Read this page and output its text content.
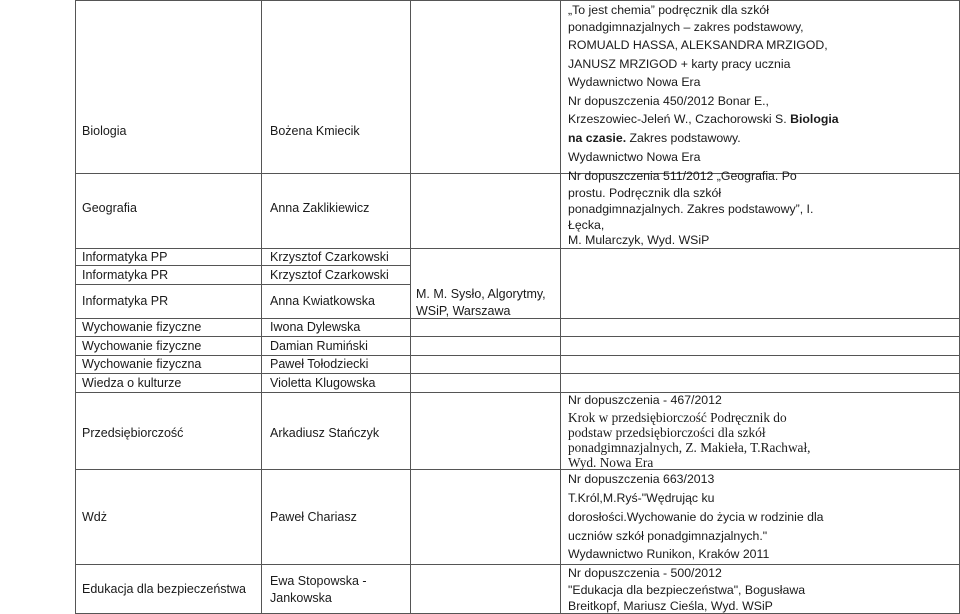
Biologia
Geografia
Informatyka PP
Informatyka PR
Informatyka PR
Wychowanie fizyczne
Wychowanie fizyczne
Wychowanie fizyczna
Wiedza o kulturze
Przedsiębiorczość
Wdż
Edukacja dla bezpieczeństwa
Bożena Kmiecik
Anna Zaklikiewicz
Krzysztof Czarkowski
Krzysztof Czarkowski
Anna Kwiatkowska
Iwona Dylewska
Damian Rumiński
Paweł Tołodziecki
Violetta Klugowska
Arkadiusz Stańczyk
Paweł Chariasz
Ewa Stopowska -
Jankowska
M. M. Sysło, Algorytmy,
WSiP, Warszawa
„To jest chemia” podręcznik dla szkół
ponadgimnazjalnych – zakres podstawowy,
ROMUALD HASSA, ALEKSANDRA MRZIGOD,
JANUSZ MRZIGOD + karty pracy ucznia
Wydawnictwo Nowa Era
Nr dopuszczenia 450/2012 Bonar E.,
Krzeszowiec-Jeleń W., Czachorowski S. Biologia
na czasie. Zakres podstawowy.
Wydawnictwo Nowa Era
Nr dopuszczenia 511/2012 „Geografia. Po
prostu. Podręcznik dla szkół
ponadgimnazjalnych. Zakres podstawowy”, I.
Łęcka,
M. Mularczyk, Wyd. WSiP
Nr dopuszczenia - 467/2012
Krok w przedsiębiorczość Podręcznik do
podstaw przedsiębiorczości dla szkół
ponadgimnazjalnych, Z. Makieła, T.Rachwał,
Wyd. Nowa Era
Nr dopuszczenia 663/2013
T.Król,M.Ryś-"Wędrując ku
dorosłości.Wychowanie do życia w rodzinie dla
uczniów szkół ponadgimnazjalnych."
Wydawnictwo Runikon, Kraków 2011
Nr dopuszczenia - 500/2012
"Edukacja dla bezpieczeństwa", Bogusława
Breitkopf, Mariusz Cieśla, Wyd. WSiP
